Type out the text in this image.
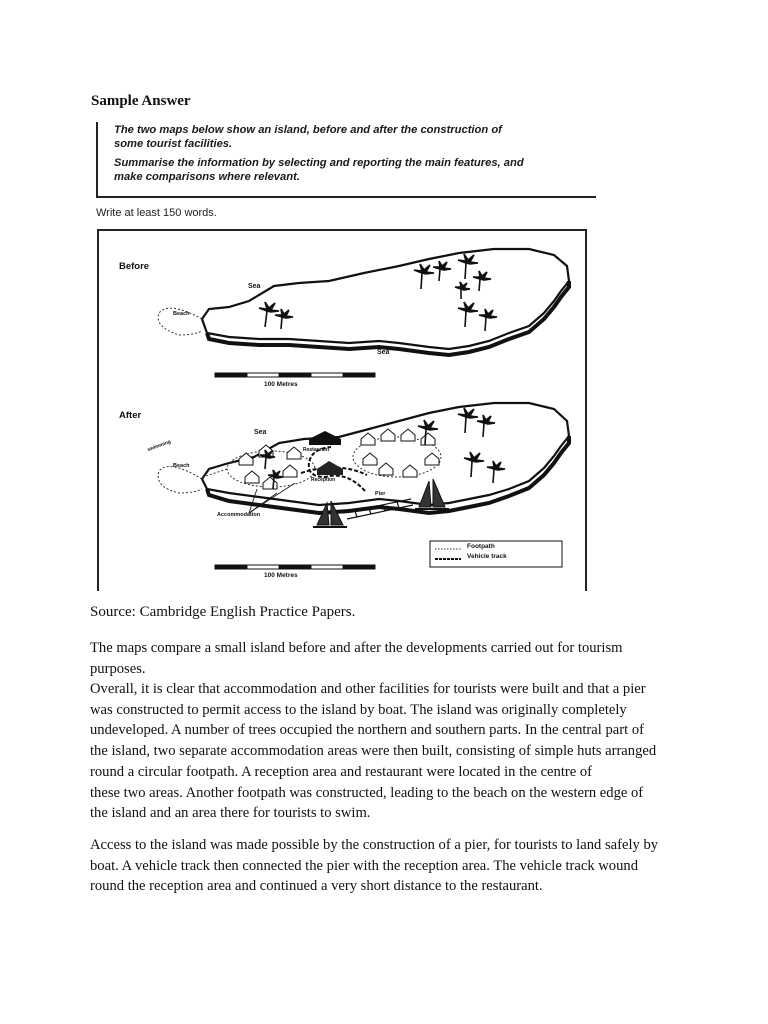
Sample Answer

The two maps below show an island, before and after the construction of
some tourist facilities.

Summarise the information by selecting and reporting the main features, and
make comparisons where relevant.

Write at least 150 words.
Before
Sea
Beach
Sea
100 Metres
After
Sea
swimming
Beach
Restaurant
Reception
Pier
Accommodation
Footpath
Vehicle track
100 Metres
Source: Cambridge English Practice Papers.
The maps compare a small island before and after the developments carried out for tourism
purposes.
Overall, it is clear that accommodation and other facilities for tourists were built and that a pier
was constructed to permit access to the island by boat. The island was originally completely
undeveloped. A number of trees occupied the northern and southern parts. In the central part of
the island, two separate accommodation areas were then built, consisting of simple huts arranged
round a circular footpath. A reception area and restaurant were located in the centre of
these two areas. Another footpath was constructed, leading to the beach on the western edge of
the island and an area there for tourists to swim.
Access to the island was made possible by the construction of a pier, for tourists to land safely by
boat. A vehicle track then connected the pier with the reception area. The vehicle track wound
round the reception area and continued a very short distance to the restaurant.
